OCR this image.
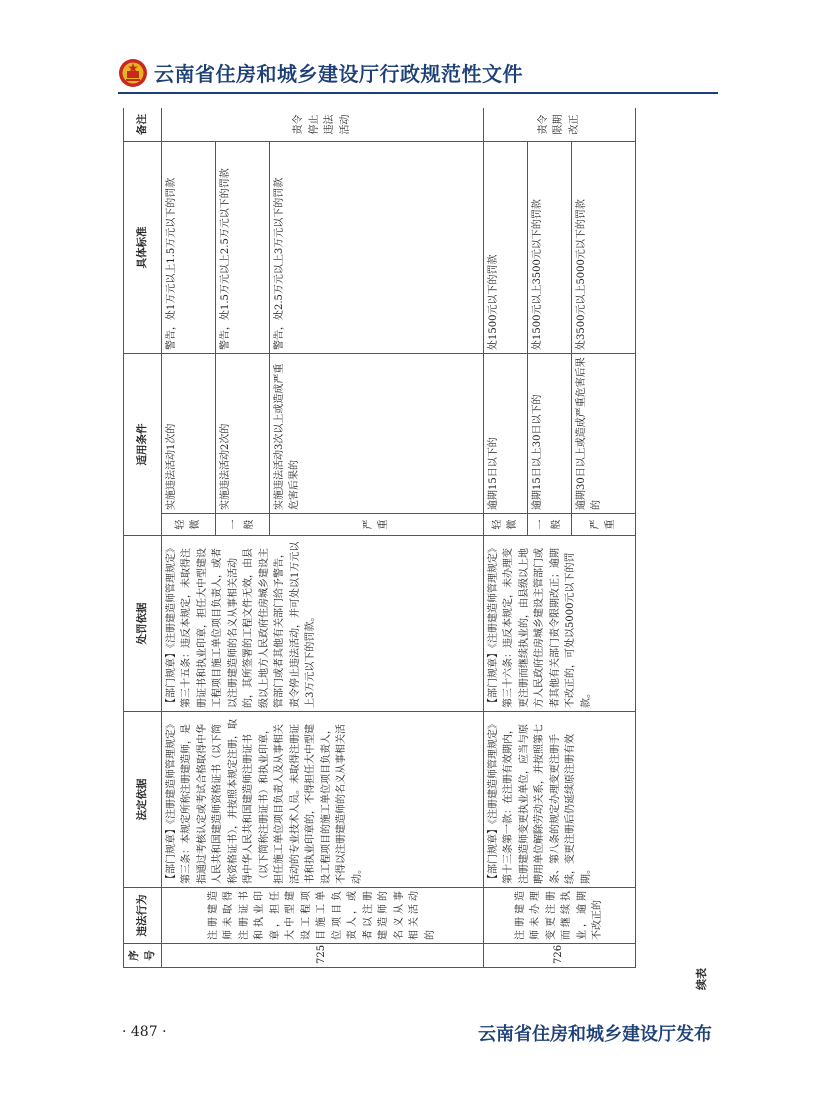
云南省住房和城乡建设厅行政规范性文件
续表
序号	违法行为	法定依据	处罚依据	适用条件		具体标准	备注
725	注册建造师未取得注册证书和执业印章，担任大中型建设工程项目施工单位项目负责人，或者以注册建造师的名义从事相关活动的	【部门规章】《注册建造师管理规定》第三条：本规定所称注册建造师，是指通过考核认定或考试合格取得中华人民共和国建造师资格证书（以下简称资格证书），并按照本规定注册，取得中华人民共和国建造师注册证书（以下简称注册证书）和执业印章，担任施工单位项目负责人及从事相关活动的专业技术人员。未取得注册证书和执业印章的，不得担任大中型建设工程项目的施工单位项目负责人，不得以注册建造师的名义从事相关活动。	【部门规章】《注册建造师管理规定》第三十五条：违反本规定，未取得注册证书和执业印章，担任大中型建设工程项目施工单位项目负责人，或者以注册建造师的名义从事相关活动的，其所签署的工程文件无效，由县级以上地方人民政府住房城乡建设主管部门或者其他有关部门给予警告，责令停止违法活动，并可处以1万元以上3万元以下的罚款。	轻微	实施违法活动1次的	警告，处1万元以上1.5万元以下的罚款	责令停止违法活动
				一般	实施违法活动2次的	警告，处1.5万元以上2.5万元以下的罚款	
				严重	实施违法活动3次以上或造成严重危害后果的	警告，处2.5万元以上3万元以下的罚款	
726	注册建造师未办理变更注册而继续执业，逾期不改正的	【部门规章】《注册建造师管理规定》第十三条第一款：在注册有效期内，注册建造师变更执业单位，应当与原聘用单位解除劳动关系，并按照第七条、第八条的规定办理变更注册手续，变更注册后仍延续原注册有效期。	【部门规章】《注册建造师管理规定》第三十六条：违反本规定，未办理变更注册而继续执业的，由县级以上地方人民政府住房城乡建设主管部门或者其他有关部门责令限期改正；逾期不改正的，可处以5000元以下的罚款。	轻微	逾期15日以下的	处1500元以下的罚款	责令限期改正
				一般	逾期15日以上30日以下的	处1500元以上3500元以下的罚款	
				严重	逾期30日以上或造成严重危害后果的	处3500元以上5000元以下的罚款	
· 487 ·	云南省住房和城乡建设厅发布
